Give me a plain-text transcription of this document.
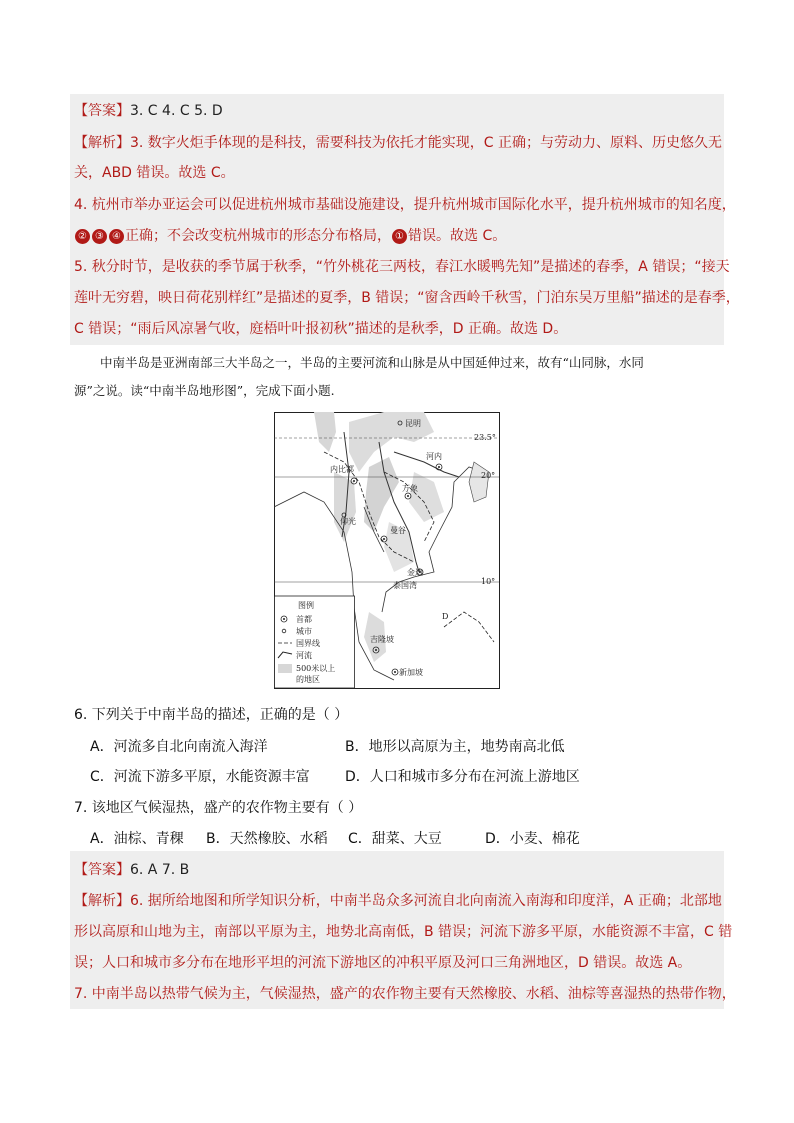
【答案】3. C 4. C 5. D
【解析】3. 数字火炬手体现的是科技，需要科技为依托才能实现，C 正确；与劳动力、原料、历史悠久无
关，ABD 错误。故选 C。
4. 杭州市举办亚运会可以促进杭州城市基础设施建设，提升杭州城市国际化水平，提升杭州城市的知名度，
② ③ ④ 正确；不会改变杭州城市的形态分布格局， ① 错误。故选 C。
5. 秋分时节，是收获的季节属于秋季，“竹外桃花三两枝，春江水暖鸭先知”是描述的春季，A 错误；“接天
莲叶无穷碧，映日荷花别样红”是描述的夏季，B 错误；“窗含西岭千秋雪，门泊东吴万里船”描述的是春季，
C 错误；“雨后风凉暑气收，庭梧叶叶报初秋”描述的是秋季，D 正确。故选 D。
中南半岛是亚洲南部三大半岛之一，半岛的主要河流和山脉是从中国延伸过来，故有“山同脉，水同
源”之说。读“中南半岛地形图”，完成下面小题.
昆明
河内
内比都
万象
仰光
曼谷
金边
泰国湾
吉隆坡
新加坡
D
23.5°
20°
10°
图例
首都
城市
国界线
河流
500米以上
的地区
6. 下列关于中南半岛的描述，正确的是（ ）
A．河流多自北向南流入海洋	B．地形以高原为主，地势南高北低
C．河流下游多平原，水能资源丰富	D．人口和城市多分布在河流上游地区
7. 该地区气候湿热，盛产的农作物主要有（ ）
A．油棕、青稞 B．天然橡胶、水稻 C．甜菜、大豆	D．小麦、棉花
【答案】6. A 7. B
【解析】6. 据所给地图和所学知识分析，中南半岛众多河流自北向南流入南海和印度洋，A 正确；北部地
形以高原和山地为主，南部以平原为主，地势北高南低，B 错误；河流下游多平原，水能资源不丰富，C 错
误；人口和城市多分布在地形平坦的河流下游地区的冲积平原及河口三角洲地区，D 错误。故选 A。
7. 中南半岛以热带气候为主，气候湿热，盛产的农作物主要有天然橡胶、水稻、油棕等喜湿热的热带作物，
